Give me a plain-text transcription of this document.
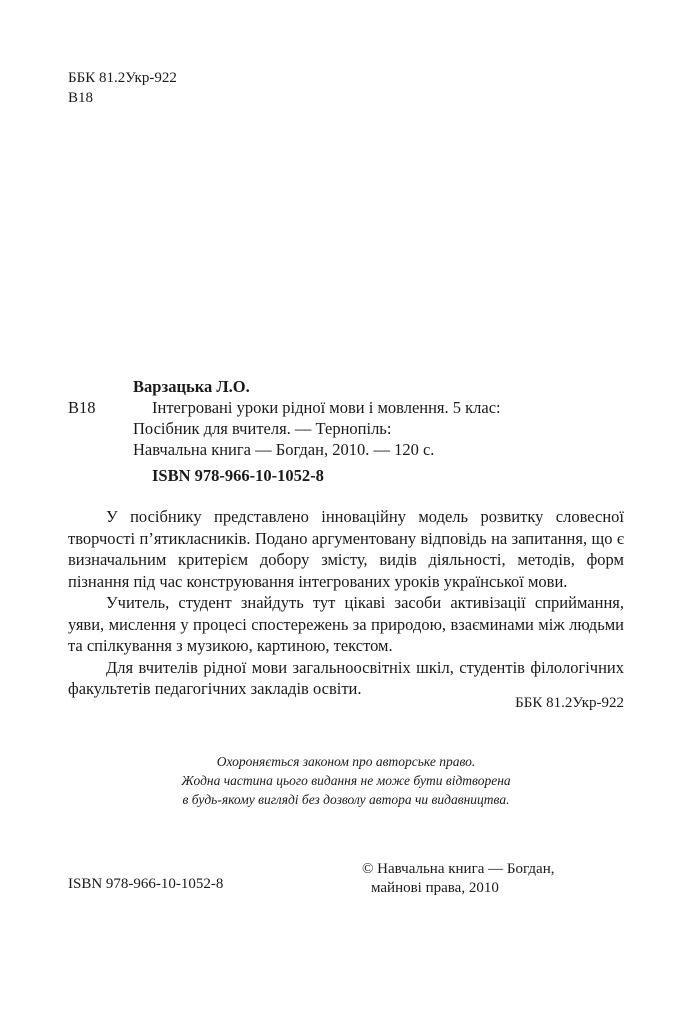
ББК 81.2Укр-922
В18
Варзацька Л.О.
В18	Інтегровані уроки рідної мови і мовлення. 5 клас:
Посібник для вчителя. — Тернопіль:
Навчальна книга — Богдан, 2010. — 120 с.
ISBN 978-966-10-1052-8

У посібнику представлено інноваційну модель розвитку словесної творчості п’ятикласників. Подано аргументовану відповідь на запитання, що є визначальним критерієм добору змісту, видів діяльності, методів, форм пізнання під час конструювання інтегрованих уроків української мови.

Учитель, студент знайдуть тут цікаві засоби активізації сприймання, уяви, мислення у процесі спостережень за природою, взаєминами між людьми та спілкування з музикою, картиною, текстом.

Для вчителів рідної мови загальноосвітніх шкіл, студентів філологічних факультетів педагогічних закладів освіти.

ББК 81.2Укр-922
Охороняється законом про авторське право.
Жодна частина цього видання не може бути відтворена
в будь-якому вигляді без дозволу автора чи видавництва.
ISBN 978-966-10-1052-8
© Навчальна книга — Богдан,
майнові права, 2010
